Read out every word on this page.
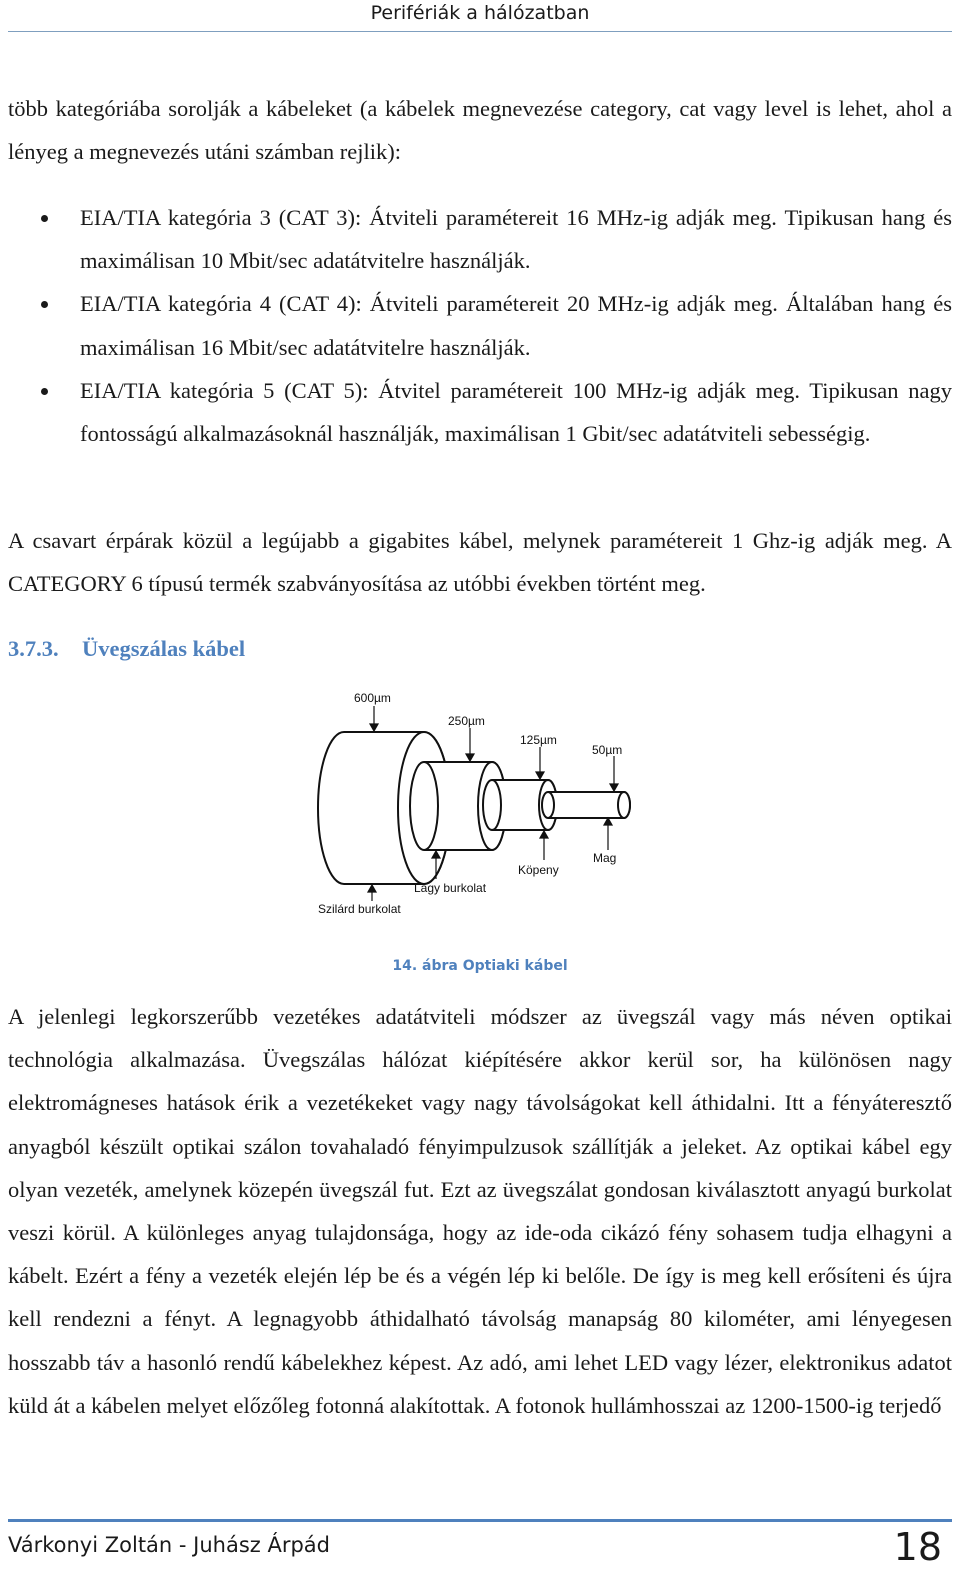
Perifériák a hálózatban
több kategóriába sorolják a kábeleket (a kábelek megnevezése category, cat vagy level is lehet, ahol a lényeg a megnevezés utáni számban rejlik):
EIA/TIA kategória 3 (CAT 3): Átviteli paramétereit 16 MHz-ig adják meg. Tipikusan hang és maximálisan 10 Mbit/sec adatátvitelre használják.
EIA/TIA kategória 4 (CAT 4): Átviteli paramétereit 20 MHz-ig adják meg. Általában hang és maximálisan 16 Mbit/sec adatátvitelre használják.
EIA/TIA kategória 5 (CAT 5): Átvitel paramétereit 100 MHz-ig adják meg. Tipikusan nagy fontosságú alkalmazásoknál használják, maximálisan 1 Gbit/sec adatátviteli sebességig.
A csavart érpárak közül a legújabb a gigabites kábel, melynek paramétereit 1 Ghz-ig adják meg. A CATEGORY 6 típusú termék szabványosítása az utóbbi években történt meg.
3.7.3. Üvegszálas kábel
600µm
250µm
125µm
50µm
Mag
Köpeny
Lágy burkolat
Szilárd burkolat
14. ábra Optiaki kábel
A jelenlegi legkorszerűbb vezetékes adatátviteli módszer az üvegszál vagy más néven optikai technológia alkalmazása. Üvegszálas hálózat kiépítésére akkor kerül sor, ha különösen nagy elektromágneses hatások érik a vezetékeket vagy nagy távolságokat kell áthidalni. Itt a fényáteresztő anyagból készült optikai szálon tovahaladó fényimpulzusok szállítják a jeleket. Az optikai kábel egy olyan vezeték, amelynek közepén üvegszál fut. Ezt az üvegszálat gondosan kiválasztott anyagú burkolat veszi körül. A különleges anyag tulajdonsága, hogy az ide-oda cikázó fény sohasem tudja elhagyni a kábelt. Ezért a fény a vezeték elején lép be és a végén lép ki belőle. De így is meg kell erősíteni és újra kell rendezni a fényt. A legnagyobb áthidalható távolság manapság 80 kilométer, ami lényegesen hosszabb táv a hasonló rendű kábelekhez képest. Az adó, ami lehet LED vagy lézer, elektronikus adatot küld át a kábelen melyet előzőleg fotonná alakítottak. A fotonok hullámhosszai az 1200-1500-ig terjedő
Várkonyi Zoltán - Juhász Árpád	18
